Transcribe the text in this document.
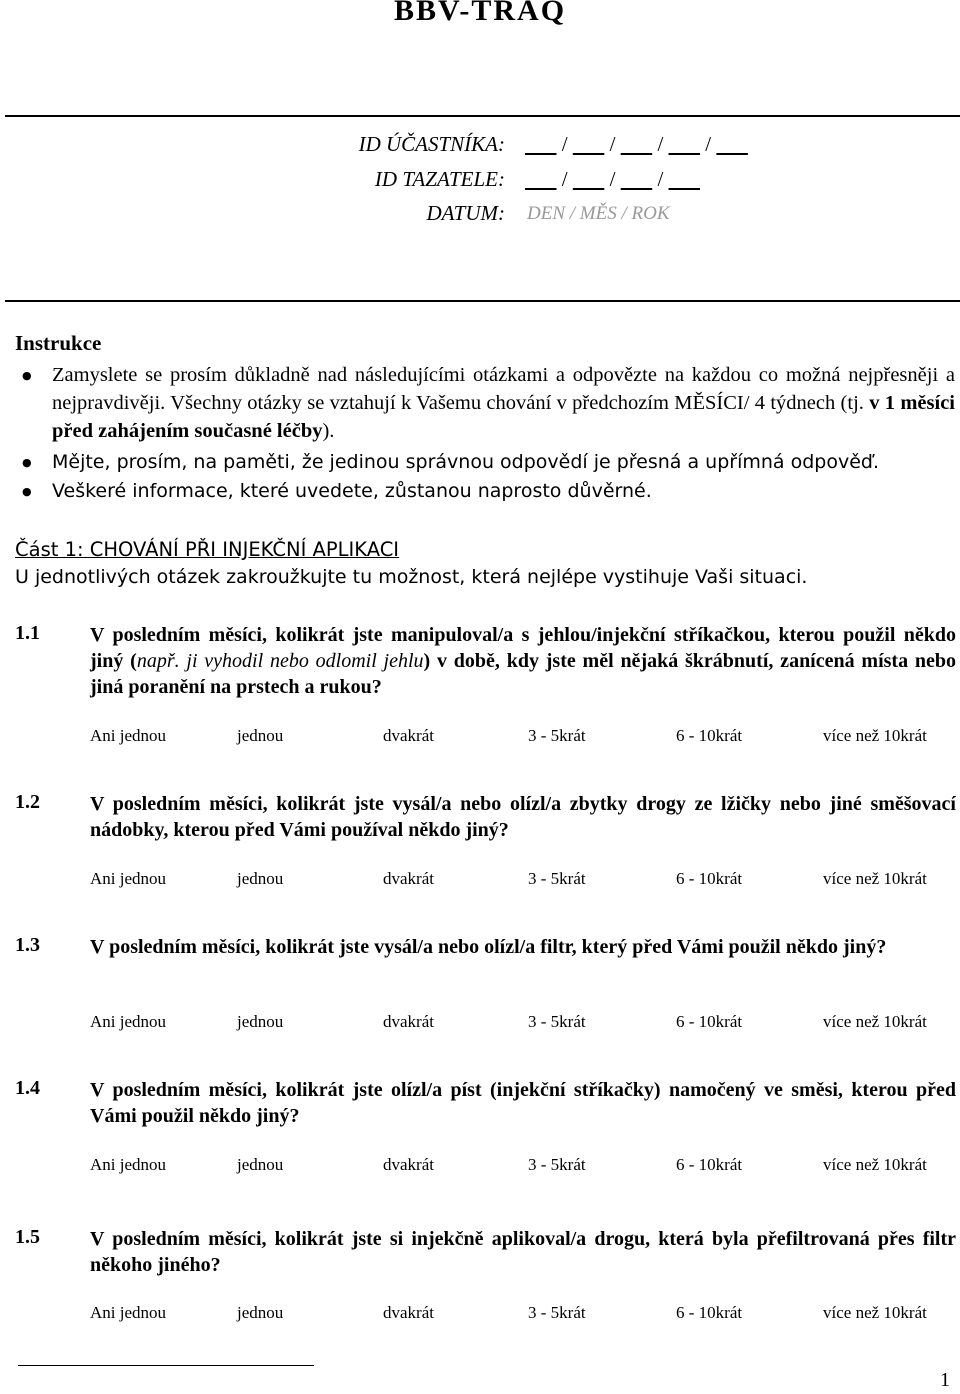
BBV-TRAQ
ID ÚČASTNÍKA:	/        /        /        /
ID TAZATELE:	/        /        /
DATUM: DEN / MĚS / ROK
Instrukce
● Zamyslete se prosím důkladně nad následujícími otázkami a odpovězte na každou co možná nejpřesněji a nejpravdivěji. Všechny otázky se vztahují k Vašemu chování v předchozím MĚSÍCI/ 4 týdnech (tj. v 1 měsíci před zahájením současné léčby).
● Mějte, prosím, na paměti, že jedinou správnou odpovědí je přesná a upřímná odpověď.
● Veškeré informace, které uvedete, zůstanou naprosto důvěrné.
Část 1: CHOVÁNÍ PŘI INJEKČNÍ APLIKACI
U jednotlivých otázek zakroužkujte tu možnost, která nejlépe vystihuje Vaši situaci.
1.1	V posledním měsíci, kolikrát jste manipuloval/a s jehlou/injekční stříkačkou, kterou použil někdo jiný (např. ji vyhodil nebo odlomil jehlu) v době, kdy jste měl nějaká škrábnutí, zanícená místa nebo jiná poranění na prstech a rukou?
1.2	V posledním měsíci, kolikrát jste vysál/a nebo olízl/a zbytky drogy ze lžičky nebo jiné směšovací nádobky, kterou před Vámi používal někdo jiný?
1.3	V posledním měsíci, kolikrát jste vysál/a nebo olízl/a filtr, který před Vámi použil někdo jiný?
1.4	V posledním měsíci, kolikrát jste olízl/a píst (injekční stříkačky) namočený ve směsi, kterou před Vámi použil někdo jiný?
1.5	V posledním měsíci, kolikrát jste si injekčně aplikoval/a drogu, která byla přefiltrovaná přes filtr někoho jiného?
1
Ani jednou	jednou	dvakrát	3 - 5krát	6 - 10krát	více než 10krát
Ani jednou	jednou	dvakrát	3 - 5krát	6 - 10krát	více než 10krát
Ani jednou	jednou	dvakrát	3 - 5krát	6 - 10krát	více než 10krát
Ani jednou	jednou	dvakrát	3 - 5krát	6 - 10krát	více než 10krát
Ani jednou	jednou	dvakrát	3 - 5krát	6 - 10krát	více než 10krát
